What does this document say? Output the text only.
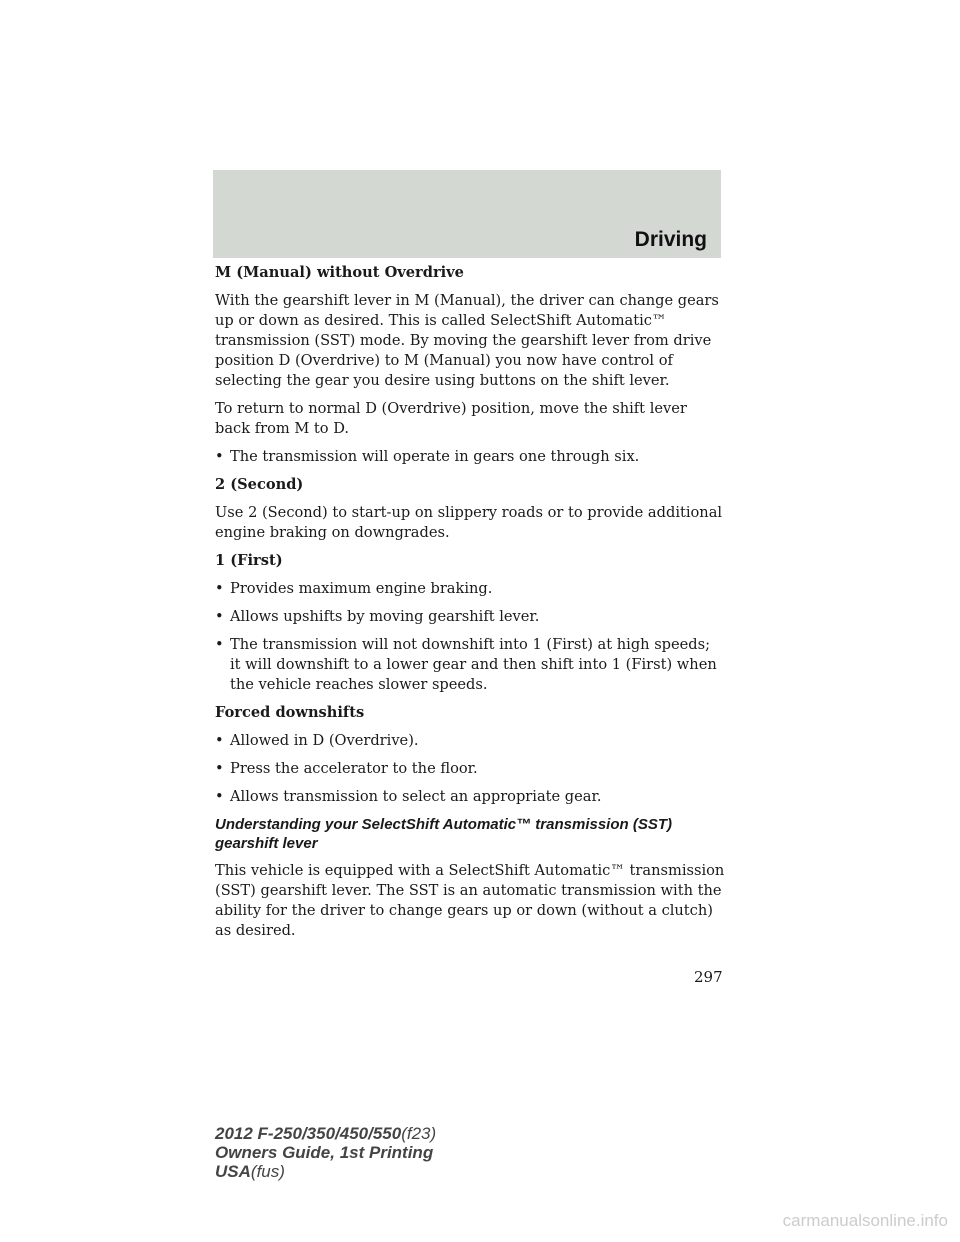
Driving
M (Manual) without Overdrive
With the gearshift lever in M (Manual), the driver can change gears up or down as desired. This is called SelectShift Automatic™ transmission (SST) mode. By moving the gearshift lever from drive position D (Overdrive) to M (Manual) you now have control of selecting the gear you desire using buttons on the shift lever.
To return to normal D (Overdrive) position, move the shift lever back from M to D.
• The transmission will operate in gears one through six.
2 (Second)
Use 2 (Second) to start-up on slippery roads or to provide additional engine braking on downgrades.
1 (First)
• Provides maximum engine braking.
• Allows upshifts by moving gearshift lever.
• The transmission will not downshift into 1 (First) at high speeds; it will downshift to a lower gear and then shift into 1 (First) when the vehicle reaches slower speeds.
Forced downshifts
• Allowed in D (Overdrive).
• Press the accelerator to the floor.
• Allows transmission to select an appropriate gear.
Understanding your SelectShift Automatic™ transmission (SST) gearshift lever
This vehicle is equipped with a SelectShift Automatic™ transmission (SST) gearshift lever. The SST is an automatic transmission with the ability for the driver to change gears up or down (without a clutch) as desired.
297
2012 F-250/350/450/550(f23)
Owners Guide, 1st Printing
USA(fus)
carmanualsonline.info
